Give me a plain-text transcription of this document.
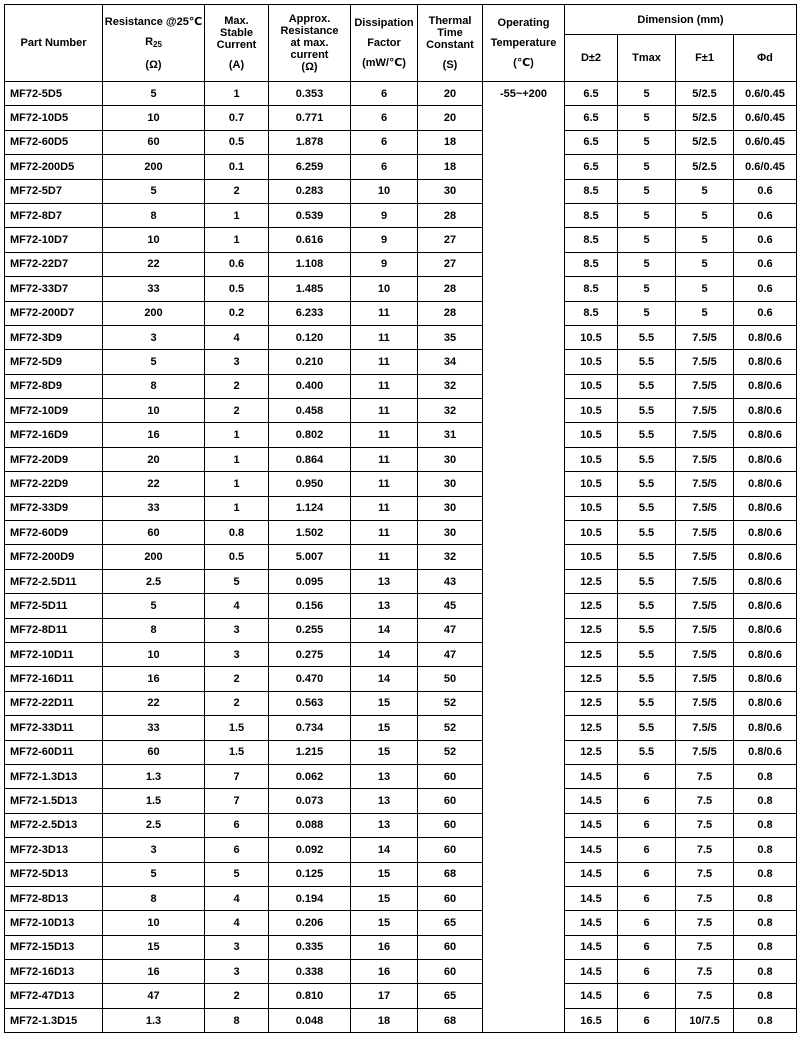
Part Number	Resistance @25℃
$R_{25}$
(Ω)	Max.
Stable
Current
(A)	Approx.
Resistance
at max.
current
(Ω)	Dissipation
Factor
(mW/℃)	Thermal
Time
Constant
(S)	Operating
Temperature
(℃)	Dimension (mm)			
							D±2	Tmax	F±1	Φd
MF72-5D5	5	1	0.353	6	20	-55~+200	6.5	5	5/2.5	0.6/0.45
MF72-10D5	10	0.7	0.771	6	20		6.5	5	5/2.5	0.6/0.45
MF72-60D5	60	0.5	1.878	6	18		6.5	5	5/2.5	0.6/0.45
MF72-200D5	200	0.1	6.259	6	18		6.5	5	5/2.5	0.6/0.45
MF72-5D7	5	2	0.283	10	30		8.5	5	5	0.6
MF72-8D7	8	1	0.539	9	28		8.5	5	5	0.6
MF72-10D7	10	1	0.616	9	27		8.5	5	5	0.6
MF72-22D7	22	0.6	1.108	9	27		8.5	5	5	0.6
MF72-33D7	33	0.5	1.485	10	28		8.5	5	5	0.6
MF72-200D7	200	0.2	6.233	11	28		8.5	5	5	0.6
MF72-3D9	3	4	0.120	11	35		10.5	5.5	7.5/5	0.8/0.6
MF72-5D9	5	3	0.210	11	34		10.5	5.5	7.5/5	0.8/0.6
MF72-8D9	8	2	0.400	11	32		10.5	5.5	7.5/5	0.8/0.6
MF72-10D9	10	2	0.458	11	32		10.5	5.5	7.5/5	0.8/0.6
MF72-16D9	16	1	0.802	11	31		10.5	5.5	7.5/5	0.8/0.6
MF72-20D9	20	1	0.864	11	30		10.5	5.5	7.5/5	0.8/0.6
MF72-22D9	22	1	0.950	11	30		10.5	5.5	7.5/5	0.8/0.6
MF72-33D9	33	1	1.124	11	30		10.5	5.5	7.5/5	0.8/0.6
MF72-60D9	60	0.8	1.502	11	30		10.5	5.5	7.5/5	0.8/0.6
MF72-200D9	200	0.5	5.007	11	32		10.5	5.5	7.5/5	0.8/0.6
MF72-2.5D11	2.5	5	0.095	13	43		12.5	5.5	7.5/5	0.8/0.6
MF72-5D11	5	4	0.156	13	45		12.5	5.5	7.5/5	0.8/0.6
MF72-8D11	8	3	0.255	14	47		12.5	5.5	7.5/5	0.8/0.6
MF72-10D11	10	3	0.275	14	47		12.5	5.5	7.5/5	0.8/0.6
MF72-16D11	16	2	0.470	14	50		12.5	5.5	7.5/5	0.8/0.6
MF72-22D11	22	2	0.563	15	52		12.5	5.5	7.5/5	0.8/0.6
MF72-33D11	33	1.5	0.734	15	52		12.5	5.5	7.5/5	0.8/0.6
MF72-60D11	60	1.5	1.215	15	52		12.5	5.5	7.5/5	0.8/0.6
MF72-1.3D13	1.3	7	0.062	13	60		14.5	6	7.5	0.8
MF72-1.5D13	1.5	7	0.073	13	60		14.5	6	7.5	0.8
MF72-2.5D13	2.5	6	0.088	13	60		14.5	6	7.5	0.8
MF72-3D13	3	6	0.092	14	60		14.5	6	7.5	0.8
MF72-5D13	5	5	0.125	15	68		14.5	6	7.5	0.8
MF72-8D13	8	4	0.194	15	60		14.5	6	7.5	0.8
MF72-10D13	10	4	0.206	15	65		14.5	6	7.5	0.8
MF72-15D13	15	3	0.335	16	60		14.5	6	7.5	0.8
MF72-16D13	16	3	0.338	16	60		14.5	6	7.5	0.8
MF72-47D13	47	2	0.810	17	65		14.5	6	7.5	0.8
MF72-1.3D15	1.3	8	0.048	18	68		16.5	6	10/7.5	0.8
